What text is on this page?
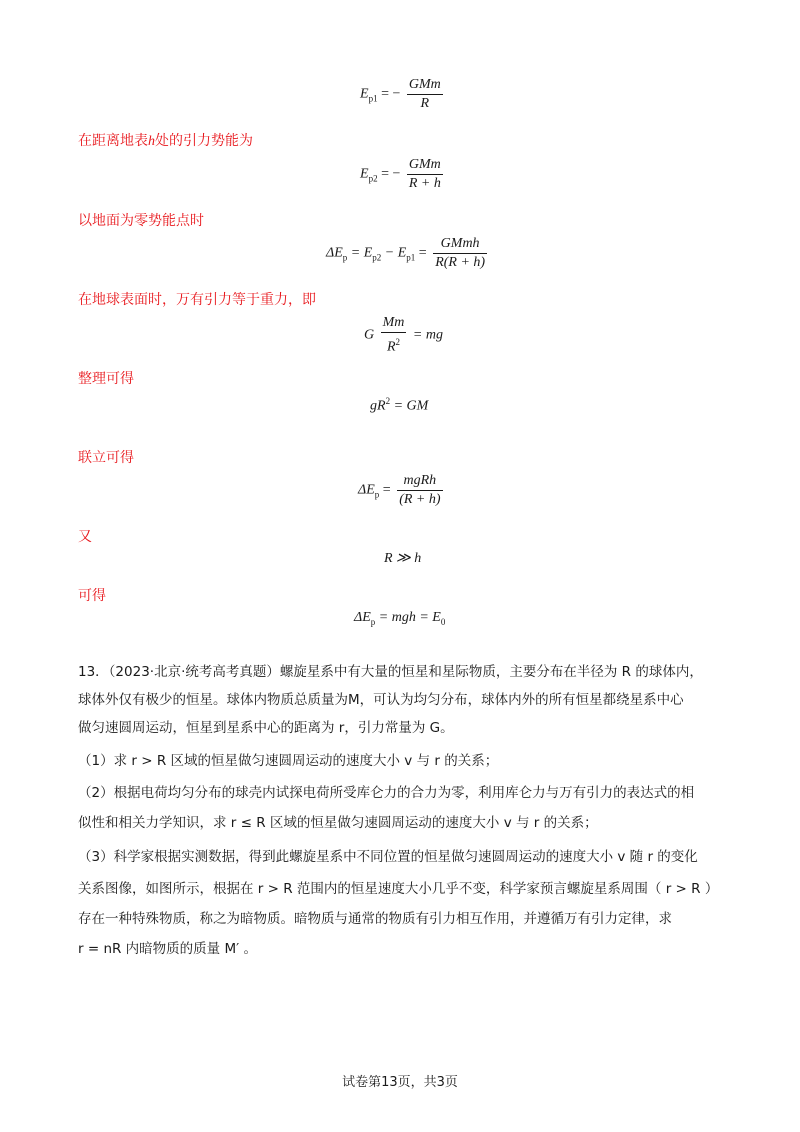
$E_{p1}$ = − $\frac{\text{GMm}}{R}$
在距离地表h处的引力势能为
$E_{p2}$ = − $\frac{\text{GMm}}{R + h}$
以地面为零势能点时
$\Delta E_p = E_{p2} - E_{p1} = \frac{\text{GMmh}}{R(R + h)}$
在地球表面时，万有引力等于重力，即
G $\frac{Mm}{R^2}$ = mg
整理可得
$gR^2$ = GM
联立可得
$\Delta E_p = \frac{\text{mgRh}}{(R + h)}$
又
R ≫ h
可得
$\Delta E_p$ = mgh = $E_0$
13．（2023·北京·统考高考真题）螺旋星系中有大量的恒星和星际物质，主要分布在半径为 R 的球体内，
球体外仅有极少的恒星。球体内物质总质量为M，可认为均匀分布，球体内外的所有恒星都绕星系中心
做匀速圆周运动，恒星到星系中心的距离为 r，引力常量为 G。
（1）求 r > R 区域的恒星做匀速圆周运动的速度大小 v 与 r 的关系；
（2）根据电荷均匀分布的球壳内试探电荷所受库仑力的合力为零，利用库仑力与万有引力的表达式的相
似性和相关力学知识，求 r ≤ R 区域的恒星做匀速圆周运动的速度大小 v 与 r 的关系；
（3）科学家根据实测数据，得到此螺旋星系中不同位置的恒星做匀速圆周运动的速度大小 v 随 r 的变化
关系图像，如图所示，根据在 r > R 范围内的恒星速度大小几乎不变，科学家预言螺旋星系周围（ r > R ）
存在一种特殊物质，称之为暗物质。暗物质与通常的物质有引力相互作用，并遵循万有引力定律，求
r = nR 内暗物质的质量 M′ 。
试卷第13页，共3页
